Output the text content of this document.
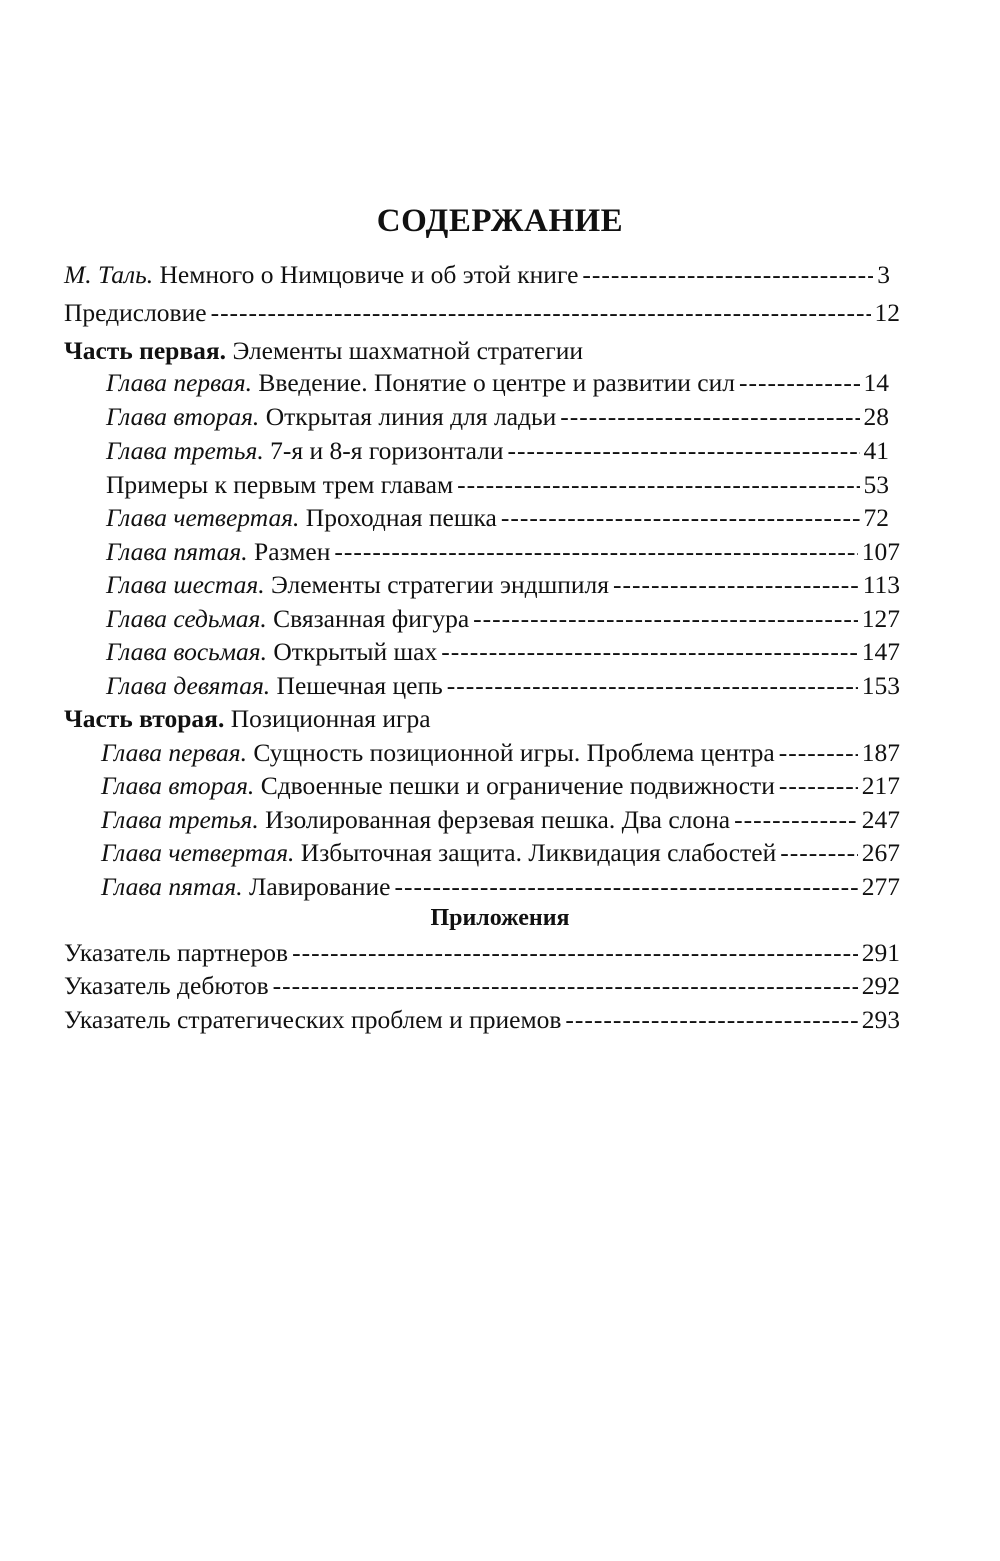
СОДЕРЖАНИЕ
М. Таль. Немного о Нимцовиче и об этой книге -----	3
Предисловие -----	12
Часть первая. Элементы шахматной стратегии
Глава первая. Введение. Понятие о центре и развитии сил -----	14
Глава вторая. Открытая линия для ладьи -----	28
Глава третья. 7-я и 8-я горизонтали -----	41
Примеры к первым трем главам -----	53
Глава четвертая. Проходная пешка -----	72
Глава пятая. Размен -----	107
Глава шестая. Элементы стратегии эндшпиля -----	113
Глава седьмая. Связанная фигура -----	127
Глава восьмая. Открытый шах -----	147
Глава девятая. Пешечная цепь -----	153
Часть вторая. Позиционная игра
Глава первая. Сущность позиционной игры. Проблема центра -----	187
Глава вторая. Сдвоенные пешки и ограничение подвижности -----	217
Глава третья. Изолированная ферзевая пешка. Два слона -----	247
Глава четвертая. Избыточная защита. Ликвидация слабостей -----	267
Глава пятая. Лавирование -----	277
Приложения
Указатель партнеров -----	291
Указатель дебютов -----	292
Указатель стратегических проблем и приемов -----	293
